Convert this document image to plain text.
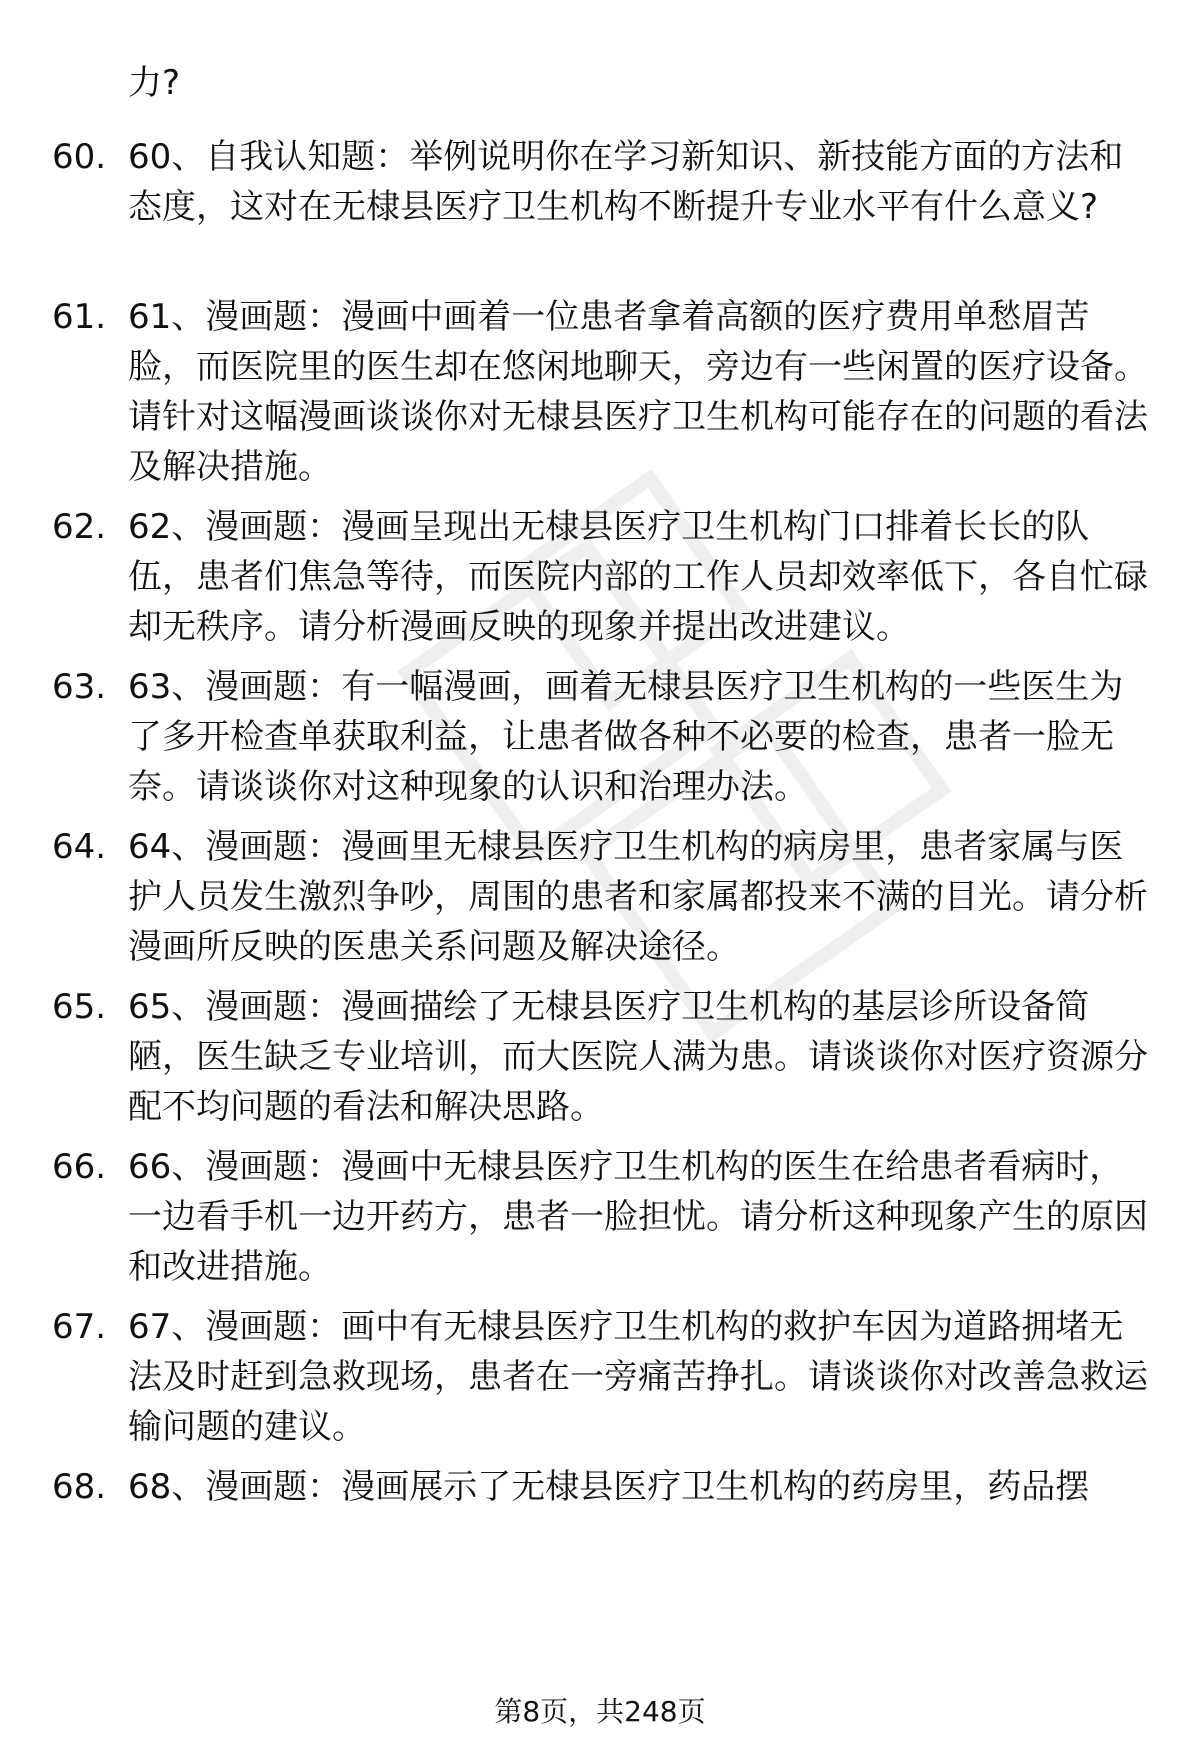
力?
60. 60、自我认知题：举例说明你在学习新知识、新技能方面的方法和态度，这对在无棣县医疗卫生机构不断提升专业水平有什么意义?
61. 61、漫画题：漫画中画着一位患者拿着高额的医疗费用单愁眉苦脸，而医院里的医生却在悠闲地聊天，旁边有一些闲置的医疗设备。请针对这幅漫画谈谈你对无棣县医疗卫生机构可能存在的问题的看法及解决措施。
62. 62、漫画题：漫画呈现出无棣县医疗卫生机构门口排着长长的队伍，患者们焦急等待，而医院内部的工作人员却效率低下，各自忙碌却无秩序。请分析漫画反映的现象并提出改进建议。
63. 63、漫画题：有一幅漫画，画着无棣县医疗卫生机构的一些医生为了多开检查单获取利益，让患者做各种不必要的检查，患者一脸无奈。请谈谈你对这种现象的认识和治理办法。
64. 64、漫画题：漫画里无棣县医疗卫生机构的病房里，患者家属与医护人员发生激烈争吵，周围的患者和家属都投来不满的目光。请分析漫画所反映的医患关系问题及解决途径。
65. 65、漫画题：漫画描绘了无棣县医疗卫生机构的基层诊所设备简陋，医生缺乏专业培训，而大医院人满为患。请谈谈你对医疗资源分配不均问题的看法和解决思路。
66. 66、漫画题：漫画中无棣县医疗卫生机构的医生在给患者看病时，一边看手机一边开药方，患者一脸担忧。请分析这种现象产生的原因和改进措施。
67. 67、漫画题：画中有无棣县医疗卫生机构的救护车因为道路拥堵无法及时赶到急救现场，患者在一旁痛苦挣扎。请谈谈你对改善急救运输问题的建议。
68. 68、漫画题：漫画展示了无棣县医疗卫生机构的药房里，药品摆
第8页，共248页
